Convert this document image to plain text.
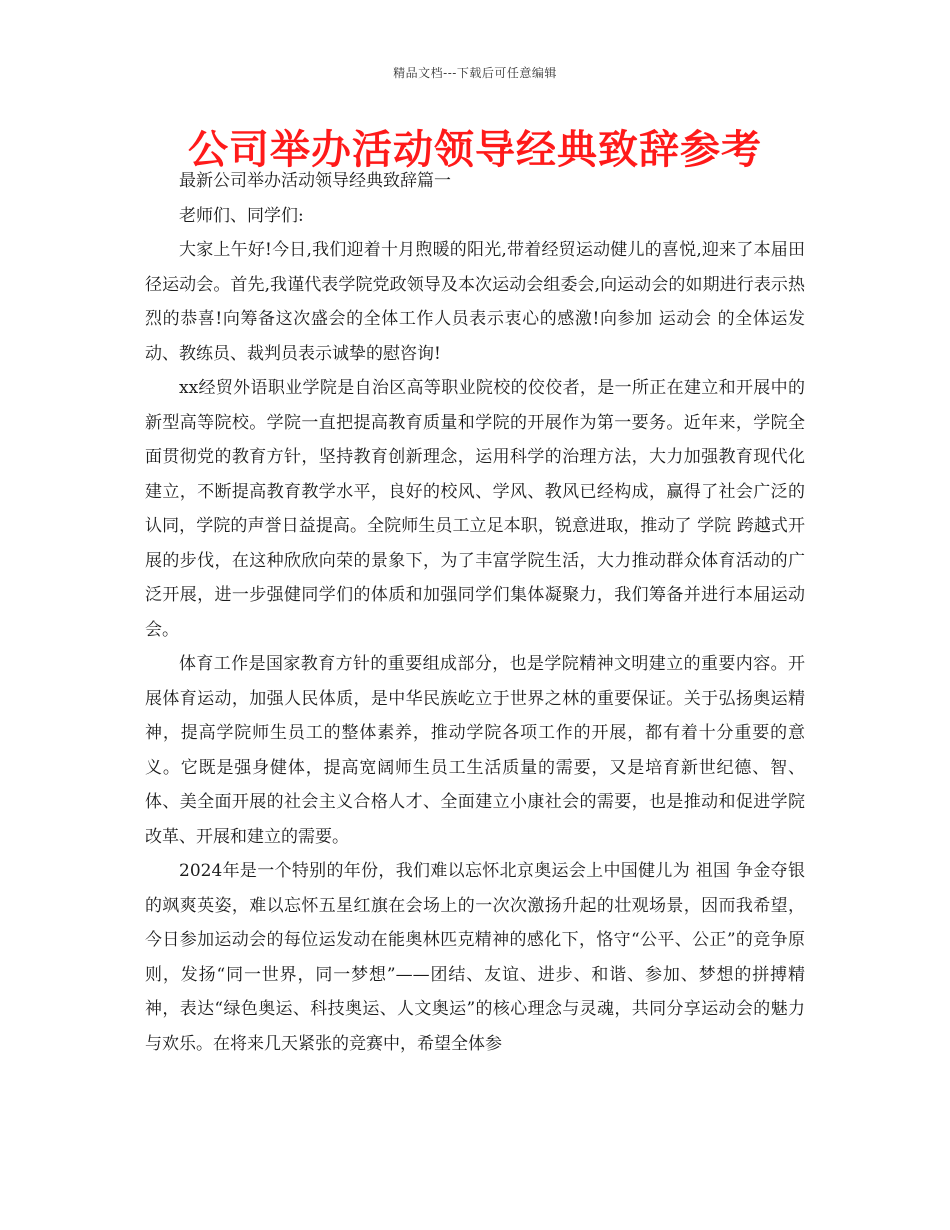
精品文档---下载后可任意编辑
公司举办活动领导经典致辞参考

最新公司举办活动领导经典致辞篇一

老师们、同学们:

大家上午好!今日,我们迎着十月煦暖的阳光,带着经贸运动健儿的喜悦,迎来了本届田径运动会。首先,我谨代表学院党政领导及本次运动会组委会,向运动会的如期进行表示热烈的恭喜!向筹备这次盛会的全体工作人员表示衷心的感激!向参加 运动会 的全体运发动、教练员、裁判员表示诚挚的慰咨询!

xx经贸外语职业学院是自治区高等职业院校的佼佼者，是一所正在建立和开展中的新型高等院校。学院一直把提高教育质量和学院的开展作为第一要务。近年来，学院全面贯彻党的教育方针，坚持教育创新理念，运用科学的治理方法，大力加强教育现代化建立，不断提高教育教学水平，良好的校风、学风、教风已经构成，赢得了社会广泛的认同，学院的声誉日益提高。全院师生员工立足本职，锐意进取，推动了 学院 跨越式开展的步伐，在这种欣欣向荣的景象下，为了丰富学院生活，大力推动群众体育活动的广泛开展，进一步强健同学们的体质和加强同学们集体凝聚力，我们筹备并进行本届运动会。

体育工作是国家教育方针的重要组成部分，也是学院精神文明建立的重要内容。开展体育运动，加强人民体质，是中华民族屹立于世界之林的重要保证。关于弘扬奥运精神，提高学院师生员工的整体素养，推动学院各项工作的开展，都有着十分重要的意义。它既是强身健体，提高宽阔师生员工生活质量的需要，又是培育新世纪德、智、体、美全面开展的社会主义合格人才、全面建立小康社会的需要，也是推动和促进学院改革、开展和建立的需要。

2024年是一个特别的年份，我们难以忘怀北京奥运会上中国健儿为 祖国 争金夺银的飒爽英姿，难以忘怀五星红旗在会场上的一次次激扬升起的壮观场景，因而我希望，今日参加运动会的每位运发动在能奥林匹克精神的感化下，恪守“公平、公正”的竞争原则，发扬“同一世界，同一梦想”——团结、友谊、进步、和谐、参加、梦想的拼搏精神，表达“绿色奥运、科技奥运、人文奥运”的核心理念与灵魂，共同分享运动会的魅力与欢乐。在将来几天紧张的竞赛中，希望全体参
